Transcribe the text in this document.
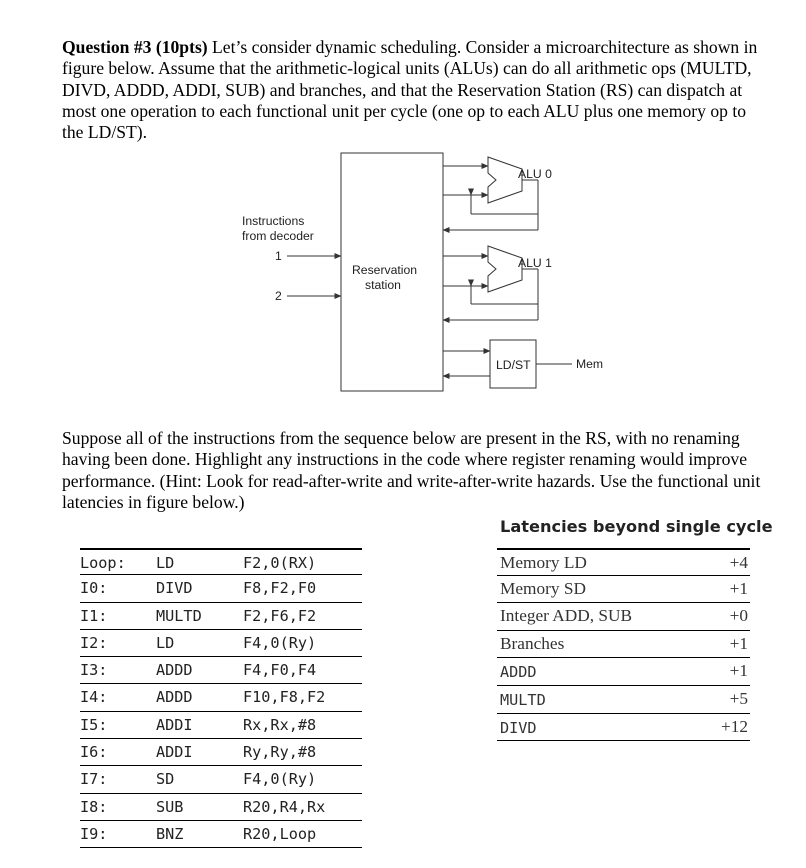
Question #3 (10pts) Let’s consider dynamic scheduling. Consider a microarchitecture as shown in figure below. Assume that the arithmetic-logical units (ALUs) can do all arithmetic ops (MULTD, DIVD, ADDD, ADDI, SUB) and branches, and that the Reservation Station (RS) can dispatch at most one operation to each functional unit per cycle (one op to each ALU plus one memory op to the LD/ST).

Instructions
from decoder
1
2
Reservation
station
ALU 0
ALU 1
LD/ST	Mem

Suppose all of the instructions from the sequence below are present in the RS, with no renaming having been done. Highlight any instructions in the code where register renaming would improve performance. (Hint: Look for read-after-write and write-after-write hazards. Use the functional unit latencies in figure below.)

Loop: LD	F2,0(RX)
I0:	DIVD	F8,F2,F0
I1:	MULTD	F2,F6,F2
I2:	LD	F4,0(Ry)
I3:	ADDD	F4,F0,F4
I4:	ADDD	F10,F8,F2
I5:	ADDI	Rx,Rx,#8
I6:	ADDI	Ry,Ry,#8
I7:	SD	F4,0(Ry)
I8:	SUB	R20,R4,Rx
I9:	BNZ	R20,Loop
Latencies beyond single cycle
Memory LD	+4
Memory SD	+1
Integer ADD, SUB	+0
Branches	+1
ADDD	+1
MULTD	+5
DIVD	+12
